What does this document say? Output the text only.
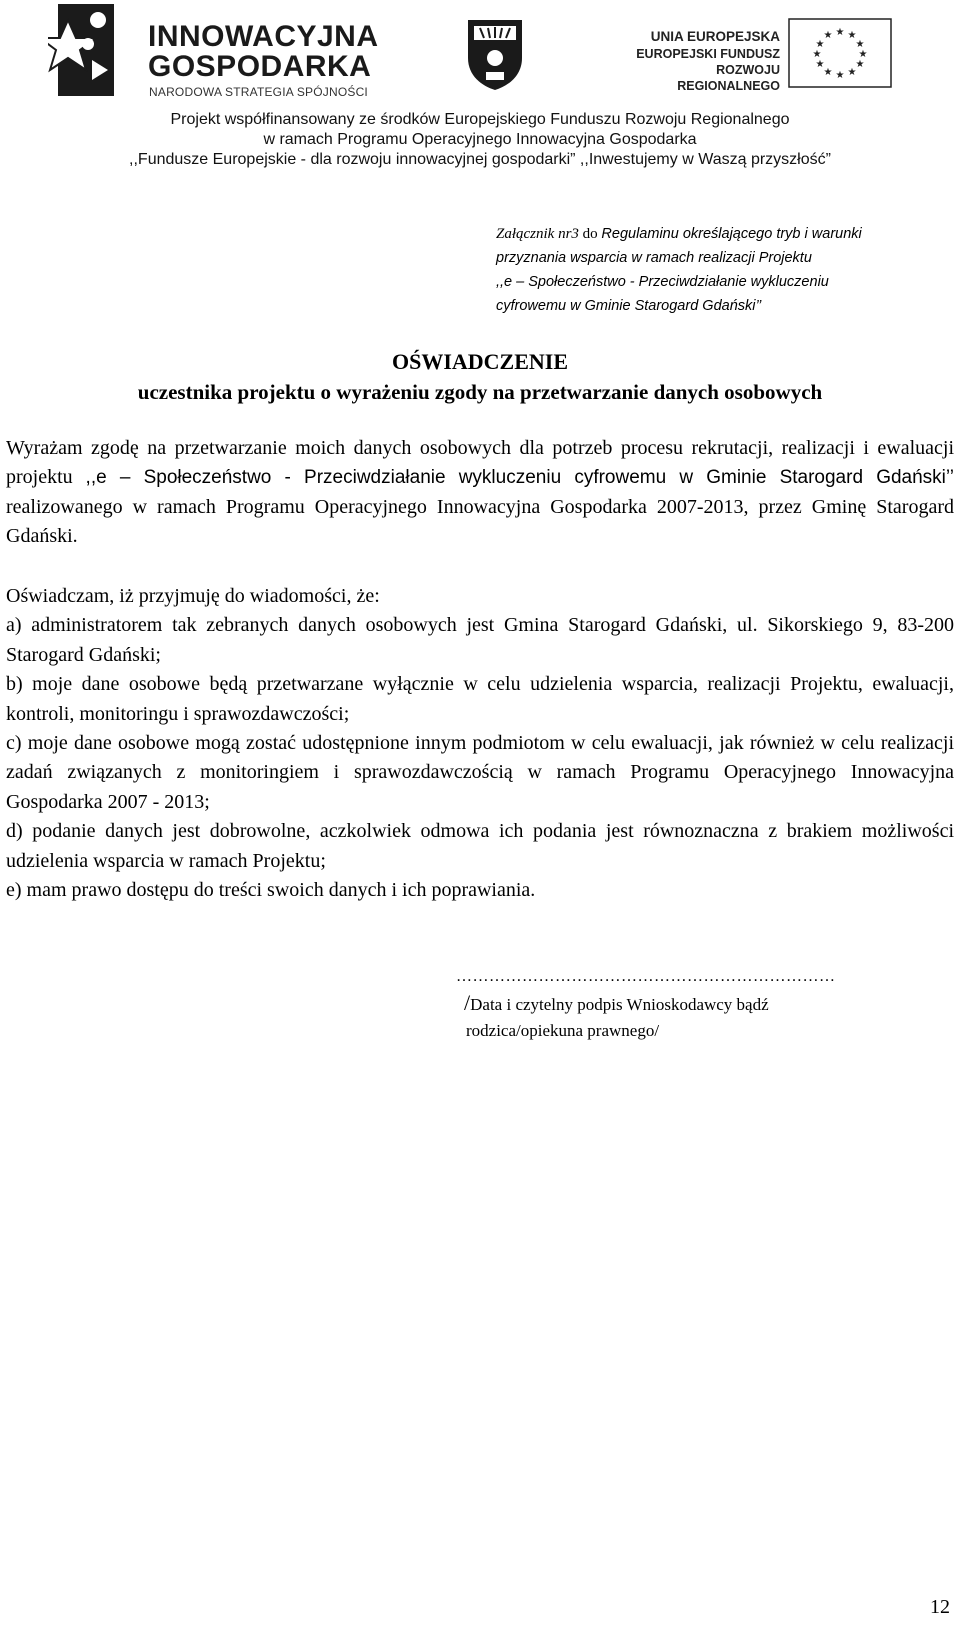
INNOWACYJNA
GOSPODARKA
NARODOWA STRATEGIA SPÓJNOŚCI
UNIA EUROPEJSKA
EUROPEJSKI FUNDUSZ
ROZWOJU REGIONALNEGO
★ ★
★
★
★
★
★
★
★
★
★
★
Projekt współfinansowany ze środków Europejskiego Funduszu Rozwoju Regionalnego
w ramach Programu Operacyjnego Innowacyjna Gospodarka
,,Fundusze Europejskie - dla rozwoju innowacyjnej gospodarki” ,,Inwestujemy w Waszą przyszłość”
Załącznik nr3 do Regulaminu określającego tryb i warunki
przyznania wsparcia w ramach realizacji Projektu
,,e – Społeczeństwo - Przeciwdziałanie wykluczeniu
cyfrowemu w Gminie Starogard Gdański’’
OŚWIADCZENIE
uczestnika projektu o wyrażeniu zgody na przetwarzanie danych osobowych

Wyrażam zgodę na przetwarzanie moich danych osobowych dla potrzeb procesu rekrutacji, realizacji i ewaluacji projektu ,,e – Społeczeństwo - Przeciwdziałanie wykluczeniu cyfrowemu w Gminie Starogard Gdański’’ realizowanego w ramach Programu Operacyjnego Innowacyjna Gospodarka 2007-2013, przez Gminę Starogard Gdański.

Oświadczam, iż przyjmuję do wiadomości, że:

a) administratorem tak zebranych danych osobowych jest Gmina Starogard Gdański, ul. Sikorskiego 9, 83-200 Starogard Gdański;

b) moje dane osobowe będą przetwarzane wyłącznie w celu udzielenia wsparcia, realizacji Projektu, ewaluacji, kontroli, monitoringu i sprawozdawczości;

c) moje dane osobowe mogą zostać udostępnione innym podmiotom w celu ewaluacji, jak również w celu realizacji zadań związanych z monitoringiem i sprawozdawczością w ramach Programu Operacyjnego Innowacyjna Gospodarka 2007 - 2013;

d) podanie danych jest dobrowolne, aczkolwiek odmowa ich podania jest równoznaczna z brakiem możliwości udzielenia wsparcia w ramach Projektu;

e) mam prawo dostępu do treści swoich danych i ich poprawiania.

……………………………………………………………
/Data i czytelny podpis Wnioskodawcy bądź
rodzica/opiekuna prawnego/
12
